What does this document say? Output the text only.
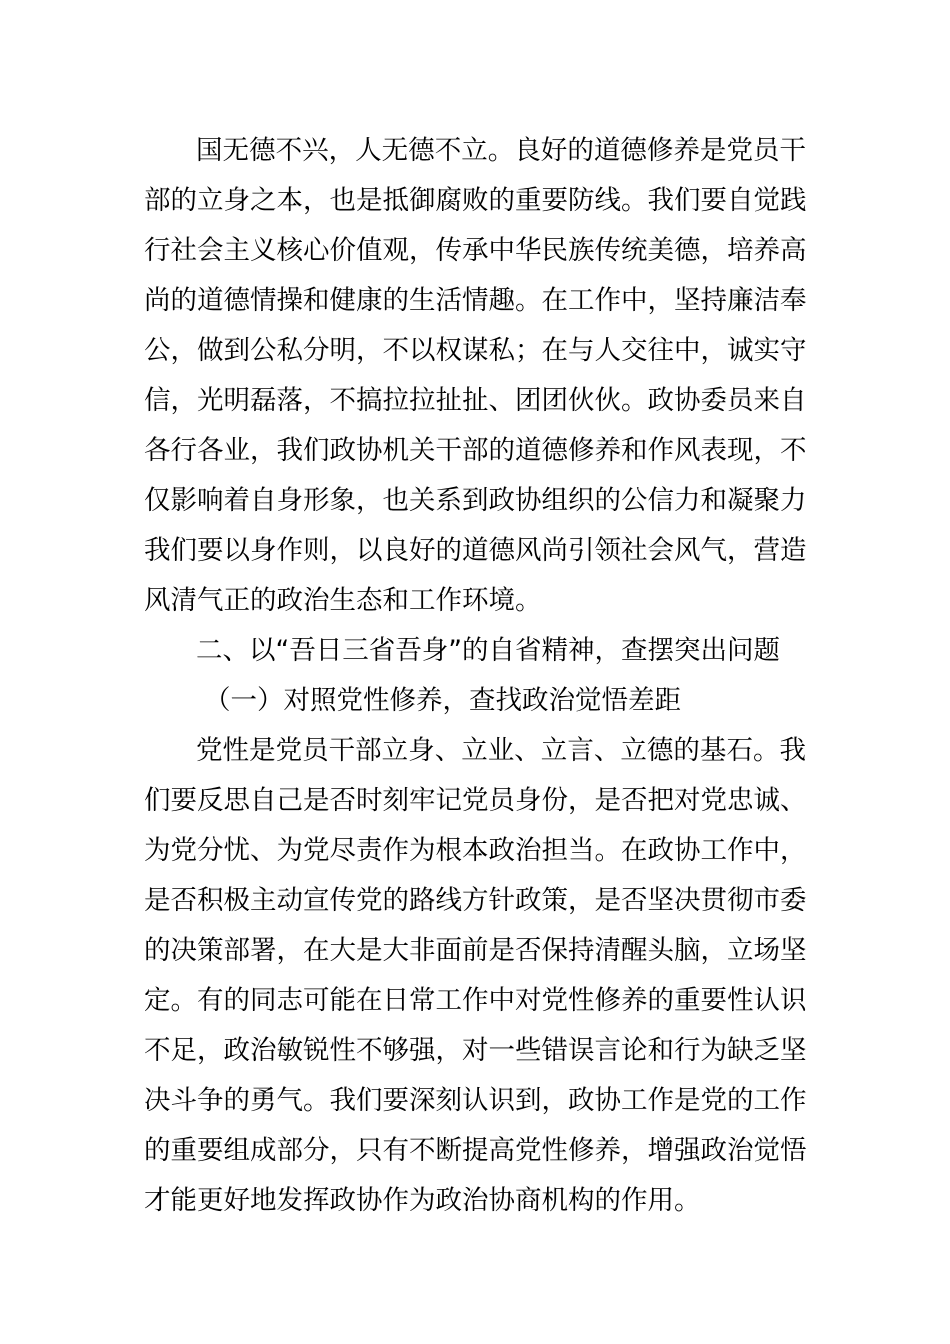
国无德不兴，人无德不立。良好的道德修养是党员干
部的立身之本，也是抵御腐败的重要防线。我们要自觉践
行社会主义核心价值观，传承中华民族传统美德，培养高
尚的道德情操和健康的生活情趣。在工作中，坚持廉洁奉
公，做到公私分明，不以权谋私；在与人交往中，诚实守
信，光明磊落，不搞拉拉扯扯、团团伙伙。政协委员来自
各行各业，我们政协机关干部的道德修养和作风表现，不
仅影响着自身形象，也关系到政协组织的公信力和凝聚力
我们要以身作则，以良好的道德风尚引领社会风气，营造
风清气正的政治生态和工作环境。
二、以“吾日三省吾身”的自省精神，查摆突出问题
（一）对照党性修养，查找政治觉悟差距
党性是党员干部立身、立业、立言、立德的基石。我
们要反思自己是否时刻牢记党员身份，是否把对党忠诚、
为党分忧、为党尽责作为根本政治担当。在政协工作中，
是否积极主动宣传党的路线方针政策，是否坚决贯彻市委
的决策部署，在大是大非面前是否保持清醒头脑，立场坚
定。有的同志可能在日常工作中对党性修养的重要性认识
不足，政治敏锐性不够强，对一些错误言论和行为缺乏坚
决斗争的勇气。我们要深刻认识到，政协工作是党的工作
的重要组成部分，只有不断提高党性修养，增强政治觉悟
才能更好地发挥政协作为政治协商机构的作用。
